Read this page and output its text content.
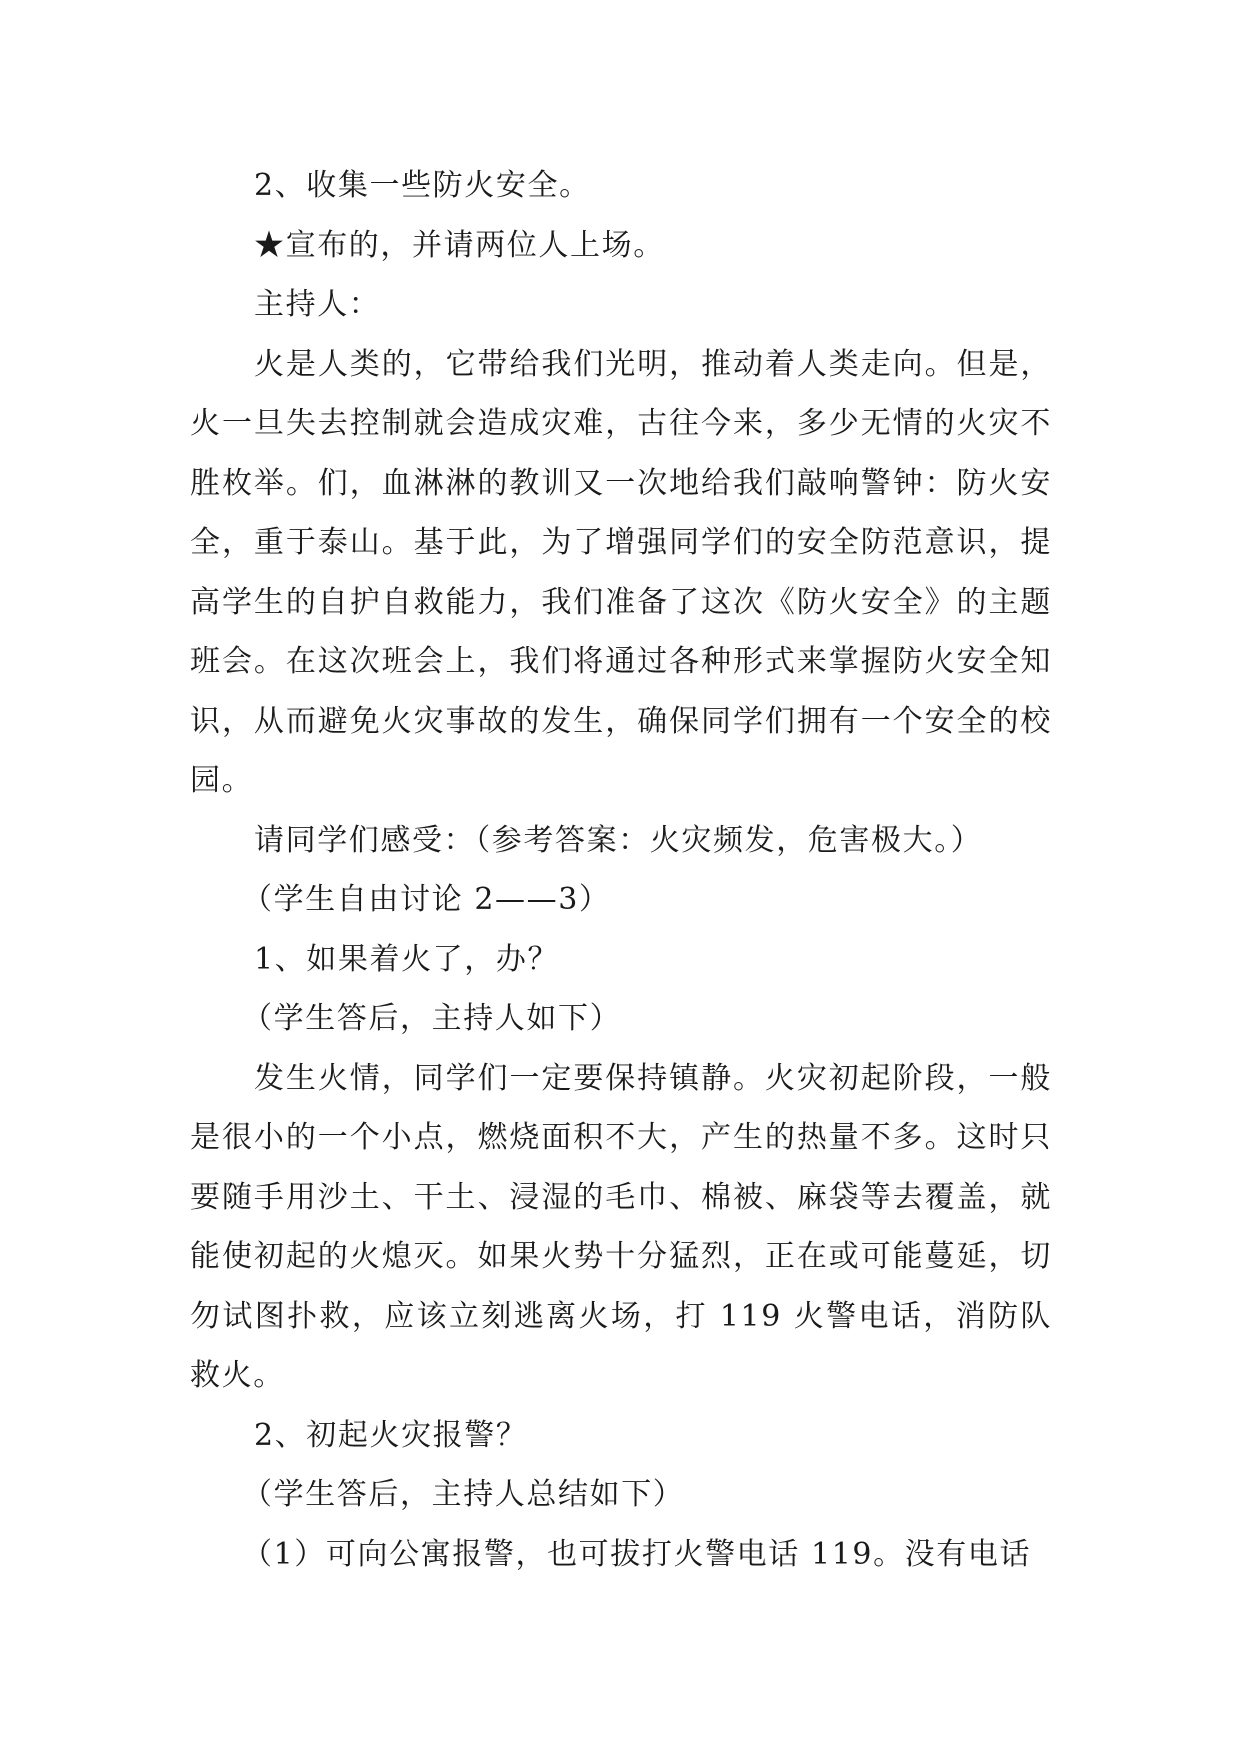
2、收集一些防火安全。

★宣布的，并请两位人上场。

主持人：

火是人类的，它带给我们光明，推动着人类走向。但是，火一旦失去控制就会造成灾难，古往今来，多少无情的火灾不胜枚举。们，血淋淋的教训又一次地给我们敲响警钟：防火安全，重于泰山。基于此，为了增强同学们的安全防范意识，提高学生的自护自救能力，我们准备了这次《防火安全》的主题班会。在这次班会上，我们将通过各种形式来掌握防火安全知识，从而避免火灾事故的发生，确保同学们拥有一个安全的校园。

请同学们感受：（参考答案：火灾频发，危害极大。）

（学生自由讨论 2——3）

1、如果着火了，办？

（学生答后，主持人如下）

发生火情，同学们一定要保持镇静。火灾初起阶段，一般是很小的一个小点，燃烧面积不大，产生的热量不多。这时只要随手用沙土、干土、浸湿的毛巾、棉被、麻袋等去覆盖，就能使初起的火熄灭。如果火势十分猛烈，正在或可能蔓延，切勿试图扑救，应该立刻逃离火场，打 119 火警电话，消防队救火。

2、初起火灾报警？

（学生答后，主持人总结如下）

（1）可向公寓报警，也可拔打火警电话 119。没有电话
